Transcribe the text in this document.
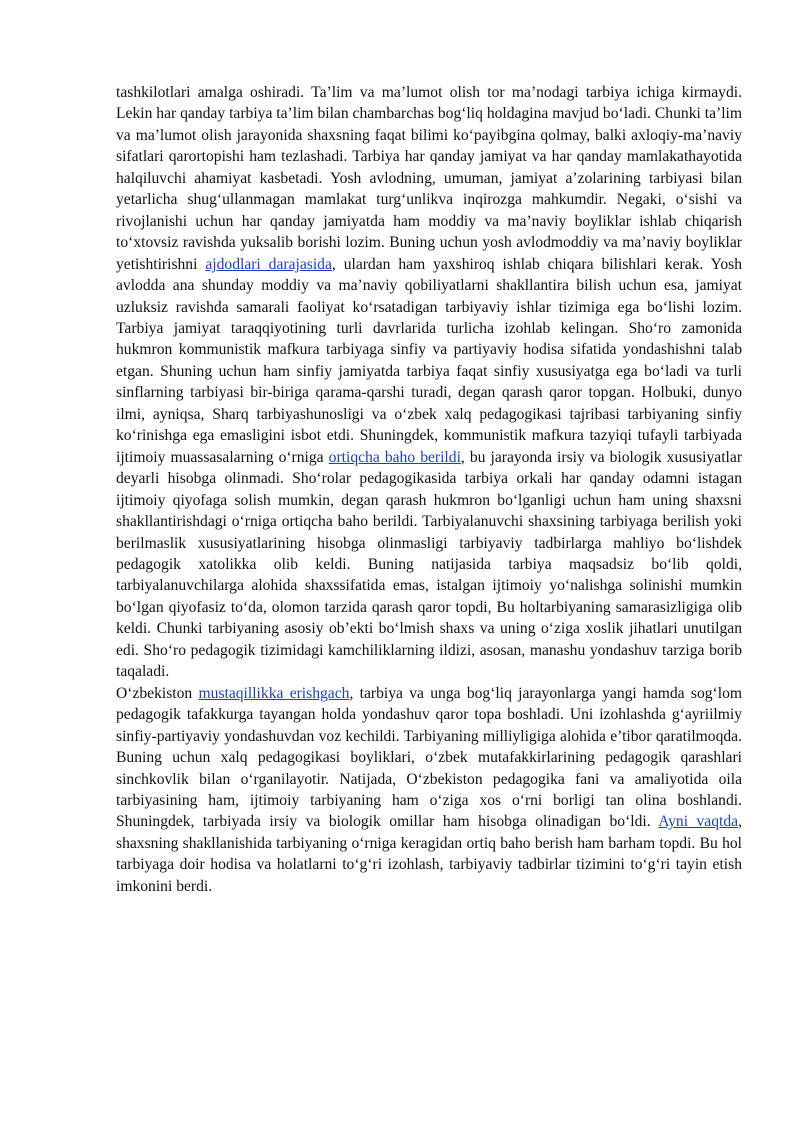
tashkilotlari amalga oshiradi. Ta’lim va ma’lumot olish tor ma’nodagi tarbiya ichiga kirmaydi. Lekin har qanday tarbiya ta’lim bilan chambarchas bog‘liq holdagina mavjud bo‘ladi. Chunki ta’lim va ma’lumot olish jarayonida shaxsning faqat bilimi ko‘payibgina qolmay, balki axloqiy-ma’naviy sifatlari qarortopishi ham tezlashadi. Tarbiya har qanday jamiyat va har qanday mamlakathayotida halqiluvchi ahamiyat kasbetadi. Yosh avlodning, umuman, jamiyat a’zolarining tarbiyasi bilan yetarlicha shug‘ullanmagan mamlakat turg‘unlikva inqirozga mahkumdir. Negaki, o‘sishi va rivojlanishi uchun har qanday jamiyatda ham moddiy va ma’naviy boyliklar ishlab chiqarish to‘xtovsiz ravishda yuksalib borishi lozim. Buning uchun yosh avlodmoddiy va ma’naviy boyliklar yetishtirishni ajdodlari darajasida, ulardan ham yaxshiroq ishlab chiqara bilishlari kerak. Yosh avlodda ana shunday moddiy va ma’naviy qobiliyatlarni shakllantira bilish uchun esa, jamiyat uzluksiz ravishda samarali faoliyat ko‘rsatadigan tarbiyaviy ishlar tizimiga ega bo‘lishi lozim. Tarbiya jamiyat taraqqiyotining turli davrlarida turlicha izohlab kelingan. Sho‘ro zamonida hukmron kommunistik mafkura tarbiyaga sinfiy va partiyaviy hodisa sifatida yondashishni talab etgan. Shuning uchun ham sinfiy jamiyatda tarbiya faqat sinfiy xususiyatga ega bo‘ladi va turli sinflarning tarbiyasi bir-biriga qarama-qarshi turadi, degan qarash qaror topgan. Holbuki, dunyo ilmi, ayniqsa, Sharq tarbiyashunosligi va o‘zbek xalq pedagogikasi tajribasi tarbiyaning sinfiy ko‘rinishga ega emasligini isbot etdi. Shuningdek, kommunistik mafkura tazyiqi tufayli tarbiyada ijtimoiy muassasalarning o‘rniga ortiqcha baho berildi, bu jarayonda irsiy va biologik xususiyatlar deyarli hisobga olinmadi. Sho‘rolar pedagogikasida tarbiya orkali har qanday odamni istagan ijtimoiy qiyofaga solish mumkin, degan qarash hukmron bo‘lganligi uchun ham uning shaxsni shakllantirishdagi o‘rniga ortiqcha baho berildi. Tarbiyalanuvchi shaxsining tarbiyaga berilish yoki berilmaslik xususiyatlarining hisobga olinmasligi tarbiyaviy tadbirlarga mahliyo bo‘lishdek pedagogik xatolikka olib keldi. Buning natijasida tarbiya maqsadsiz bo‘lib qoldi, tarbiyalanuvchilarga alohida shaxssifatida emas, istalgan ijtimoiy yo‘nalishga solinishi mumkin bo‘lgan qiyofasiz to‘da, olomon tarzida qarash qaror topdi, Bu holtarbiyaning samarasizligiga olib keldi. Chunki tarbiyaning asosiy ob’ekti bo‘lmish shaxs va uning o‘ziga xoslik jihatlari unutilgan edi. Sho‘ro pedagogik tizimidagi kamchiliklarning ildizi, asosan, manashu yondashuv tarziga borib taqaladi.

O‘zbekiston mustaqillikka erishgach, tarbiya va unga bog‘liq jarayonlarga yangi hamda sog‘lom pedagogik tafakkurga tayangan holda yondashuv qaror topa boshladi. Uni izohlashda g‘ayriilmiy sinfiy-partiyaviy yondashuvdan voz kechildi. Tarbiyaning milliyligiga alohida e’tibor qaratilmoqda. Buning uchun xalq pedagogikasi boyliklari, o‘zbek mutafakkirlarining pedagogik qarashlari sinchkovlik bilan o‘rganilayotir. Natijada, O‘zbekiston pedagogika fani va amaliyotida oila tarbiyasining ham, ijtimoiy tarbiyaning ham o‘ziga xos o‘rni borligi tan olina boshlandi. Shuningdek, tarbiyada irsiy va biologik omillar ham hisobga olinadigan bo‘ldi. Ayni vaqtda, shaxsning shakllanishida tarbiyaning o‘rniga keragidan ortiq baho berish ham barham topdi. Bu hol tarbiyaga doir hodisa va holatlarni to‘g‘ri izohlash, tarbiyaviy tadbirlar tizimini to‘g‘ri tayin etish imkonini berdi.
